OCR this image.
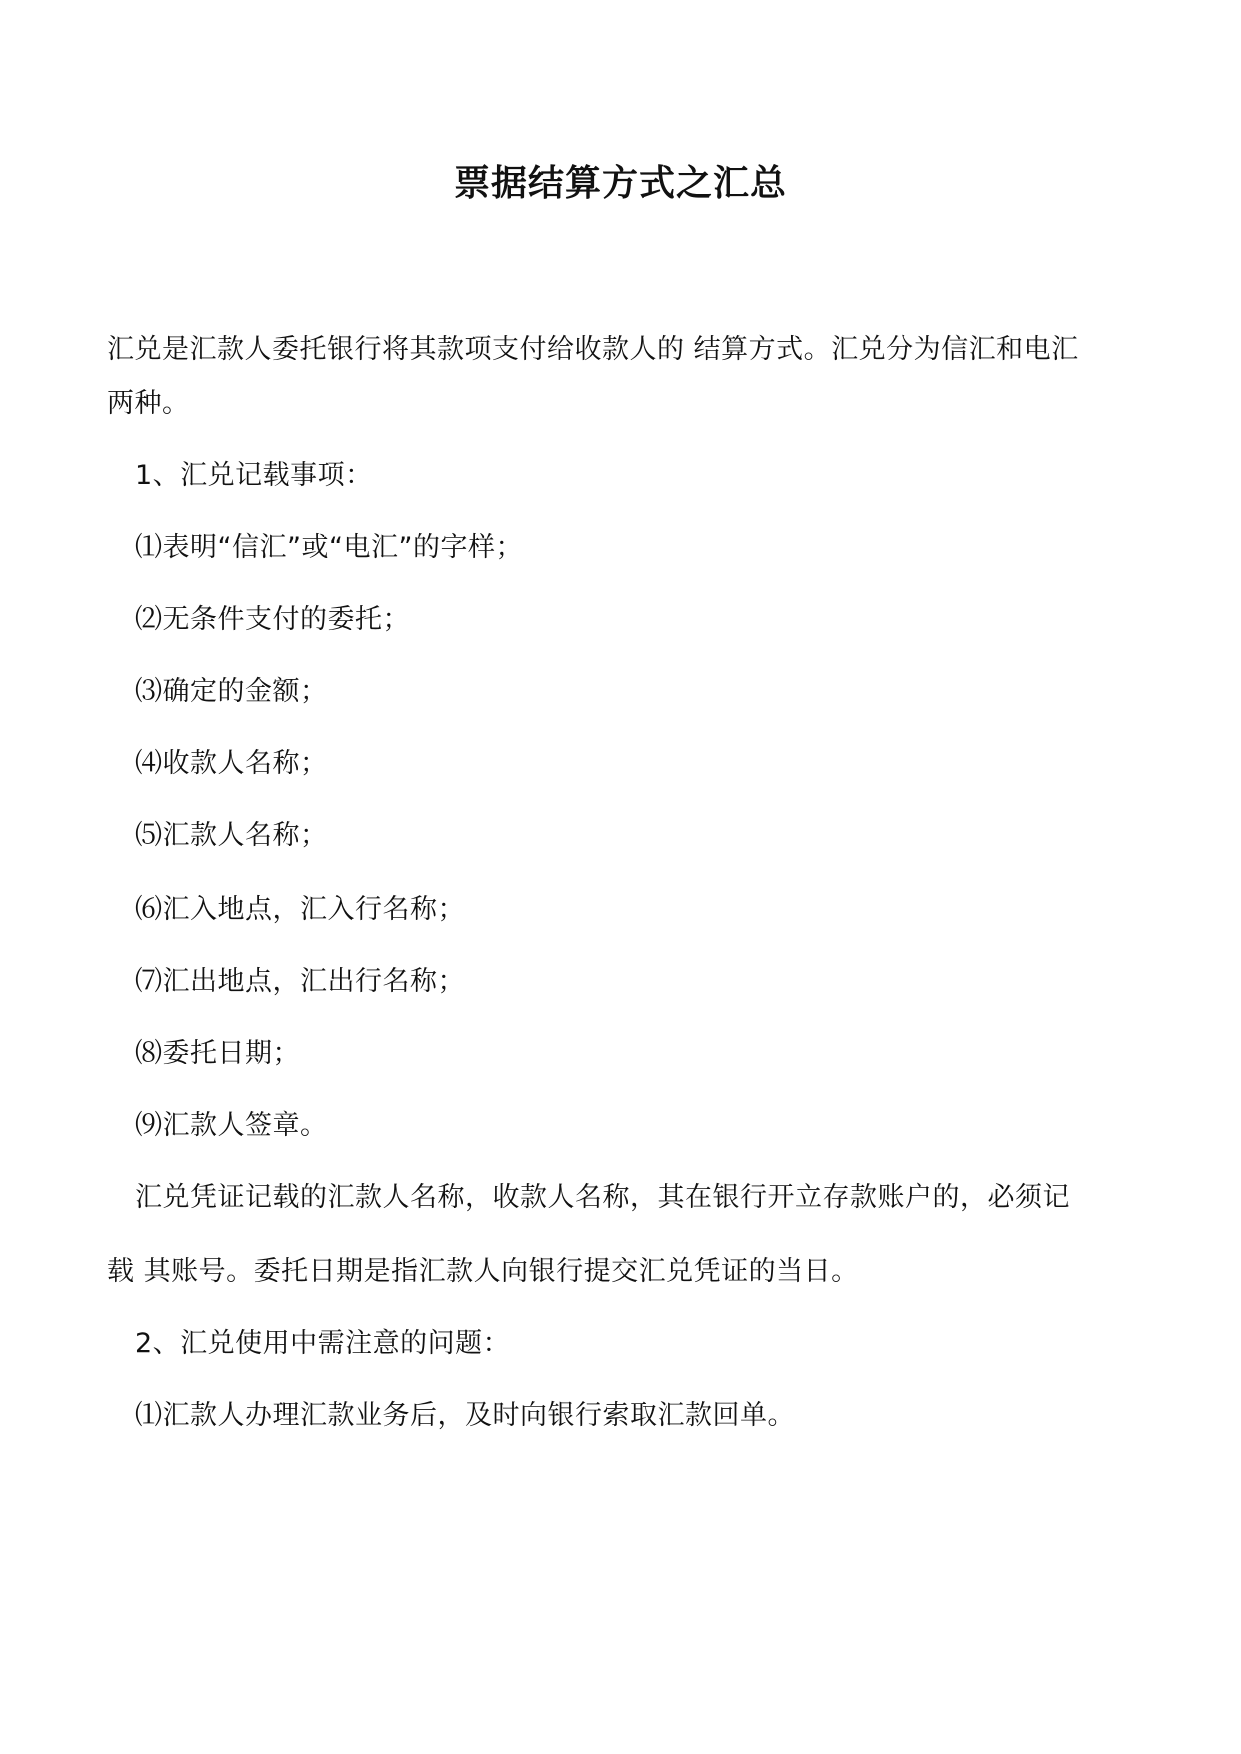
票据结算方式之汇总
汇兑是汇款人委托银行将其款项支付给收款人的 结算方式。汇兑分为信汇和电汇
两种。
1、汇兑记载事项：
⑴表明“信汇”或“电汇”的字样；
⑵无条件支付的委托；
⑶确定的金额；
⑷收款人名称；
⑸汇款人名称；
⑹汇入地点，汇入行名称；
⑺汇出地点，汇出行名称；
⑻委托日期；
⑼汇款人签章。
汇兑凭证记载的汇款人名称，收款人名称，其在银行开立存款账户的，必须记
载 其账号。委托日期是指汇款人向银行提交汇兑凭证的当日。
2、汇兑使用中需注意的问题：
⑴汇款人办理汇款业务后，及时向银行索取汇款回单。
